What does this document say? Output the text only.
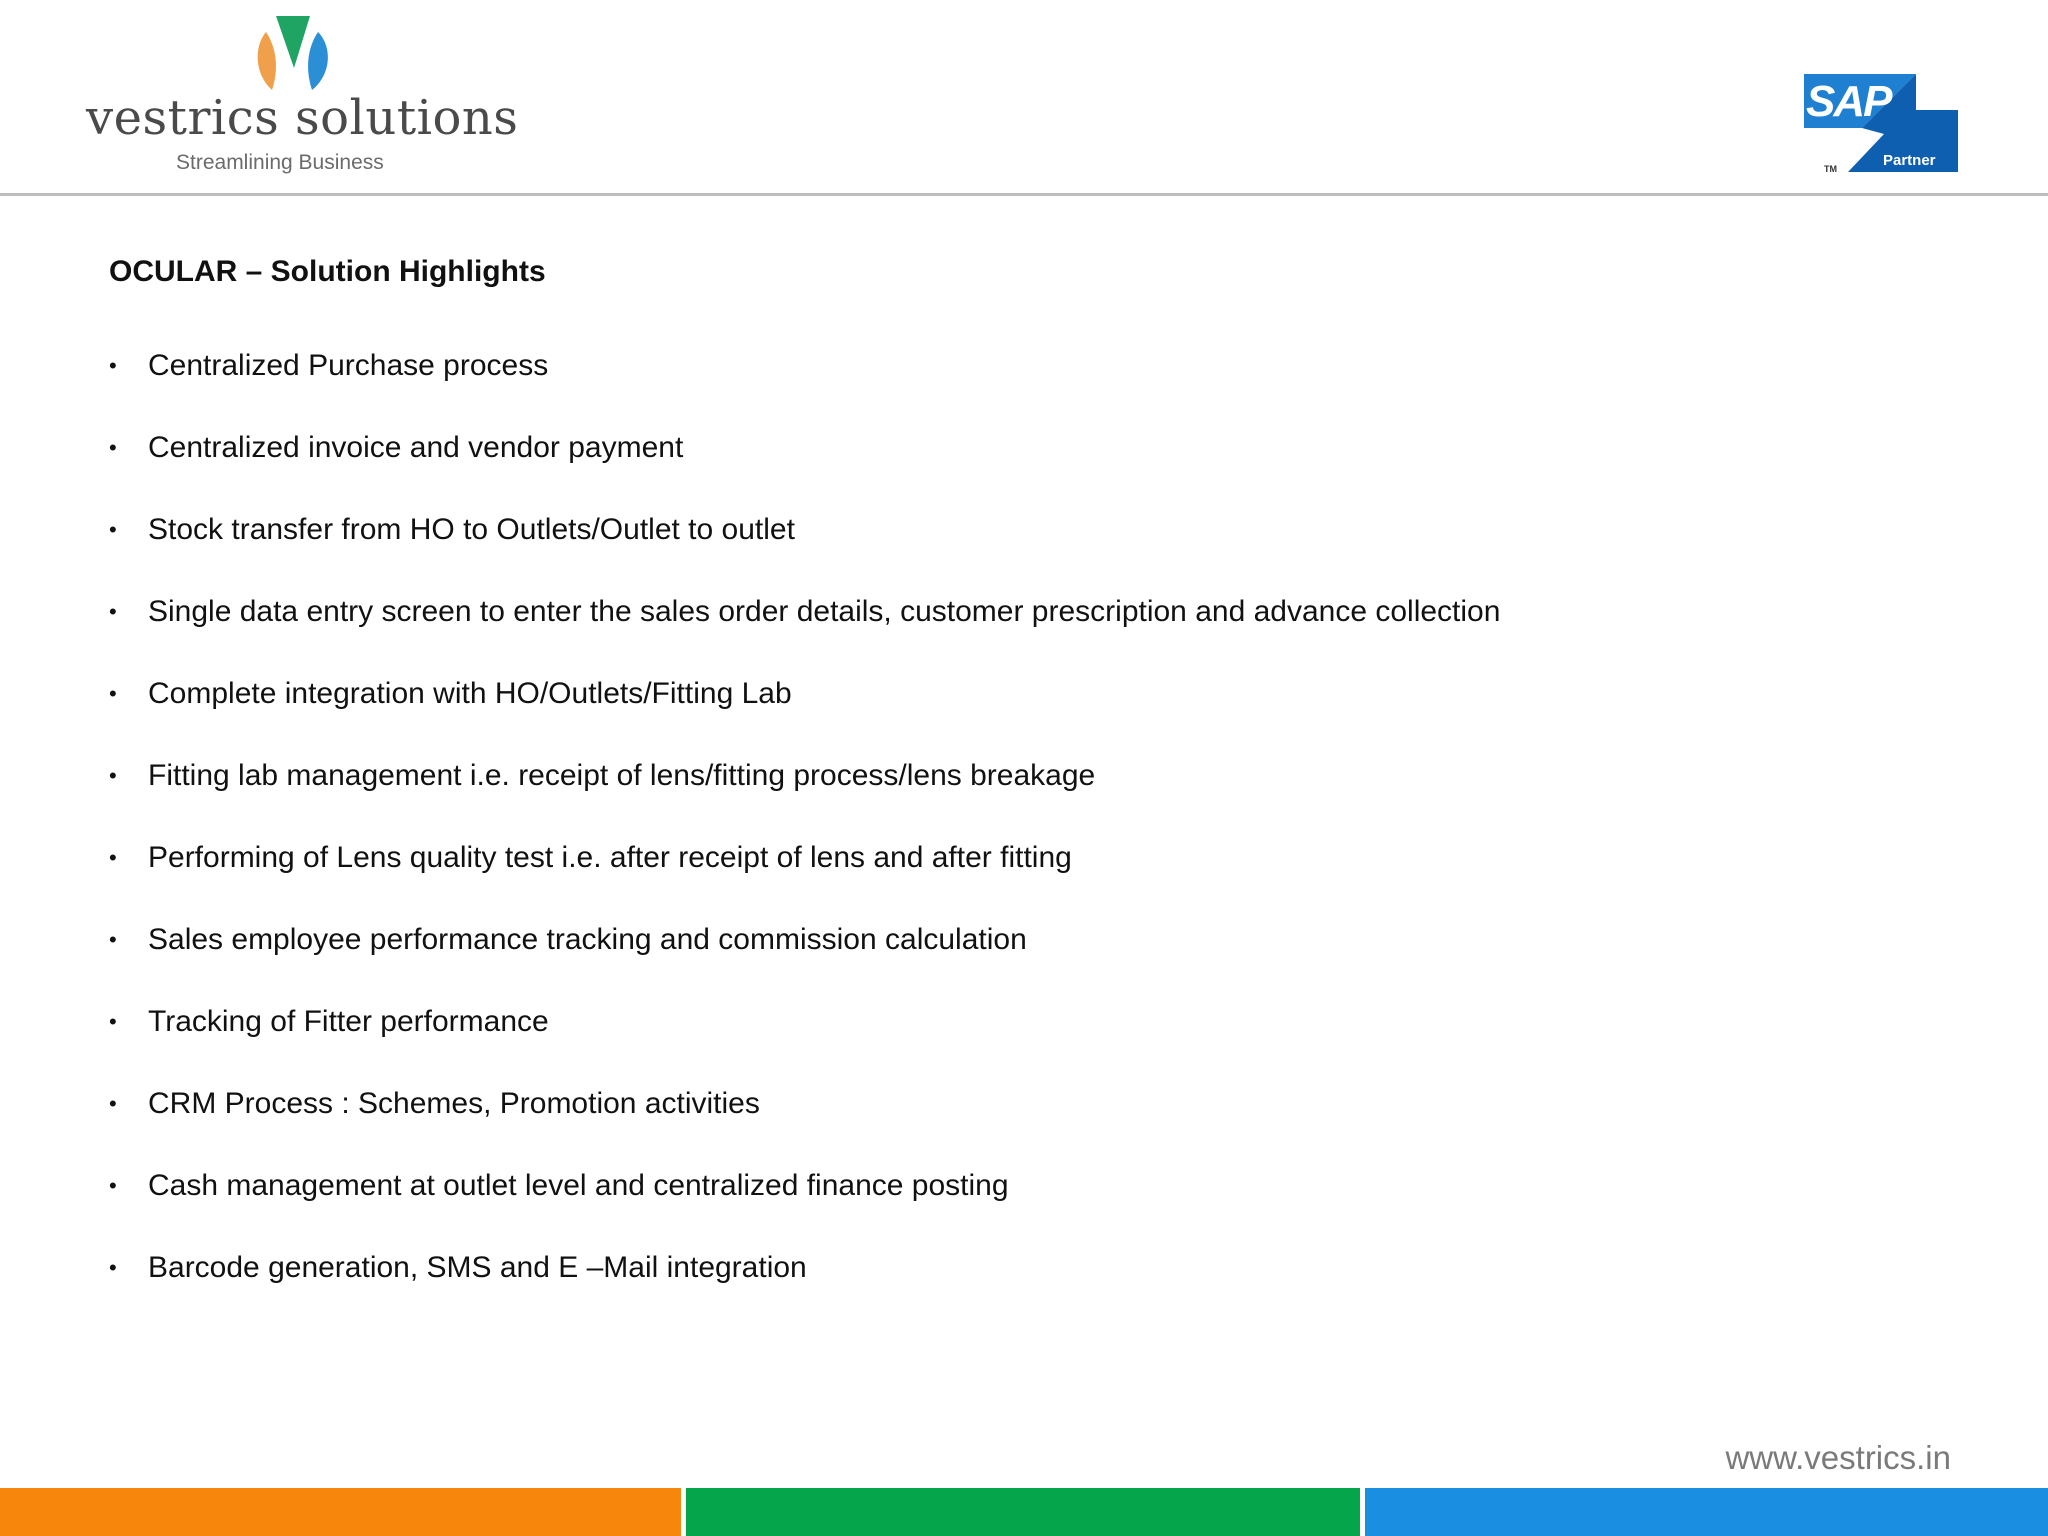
vestrics solutions
Streamlining Business
SAP
TM	Partner
OCULAR – Solution Highlights
• Centralized Purchase process
• Centralized invoice and vendor payment
• Stock transfer from HO to Outlets/Outlet to outlet
• Single data entry screen to enter the sales order details, customer prescription and advance collection
• Complete integration with HO/Outlets/Fitting Lab
• Fitting lab management i.e. receipt of lens/fitting process/lens breakage
• Performing of Lens quality test i.e. after receipt of lens and after fitting
• Sales employee performance tracking and commission calculation
• Tracking of Fitter performance
• CRM Process : Schemes, Promotion activities
• Cash management at outlet level and centralized finance posting
• Barcode generation, SMS and E –Mail integration
www.vestrics.in
